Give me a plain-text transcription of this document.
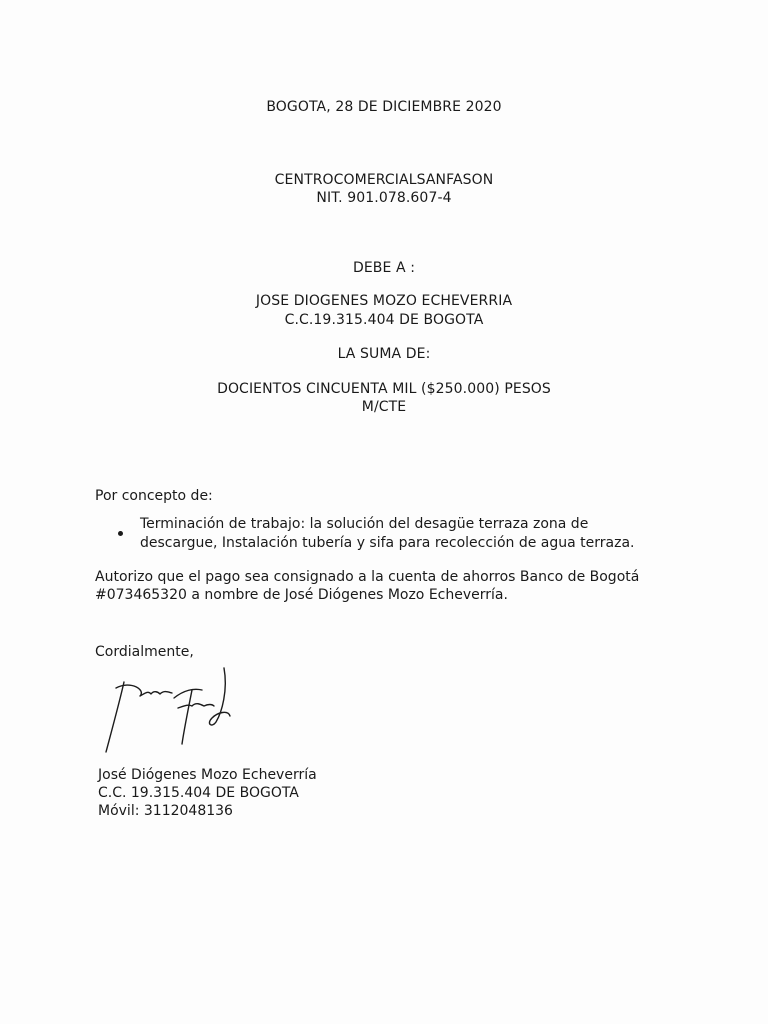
BOGOTA, 28 DE DICIEMBRE 2020
CENTROCOMERCIALSANFASON
NIT. 901.078.607-4
DEBE A :
JOSE DIOGENES MOZO ECHEVERRIA
C.C.19.315.404 DE BOGOTA
LA SUMA DE:
DOCIENTOS CINCUENTA MIL ($250.000) PESOS
M/CTE
Por concepto de:
Terminación de trabajo: la solución del desagüe terraza zona de
descargue, Instalación tubería y sifa para recolección de agua terraza.
Autorizo que el pago sea consignado a la cuenta de ahorros Banco de Bogotá
#073465320 a nombre de José Diógenes Mozo Echeverría.
Cordialmente,
José Diógenes Mozo Echeverría
C.C. 19.315.404 DE BOGOTA
Móvil: 3112048136
